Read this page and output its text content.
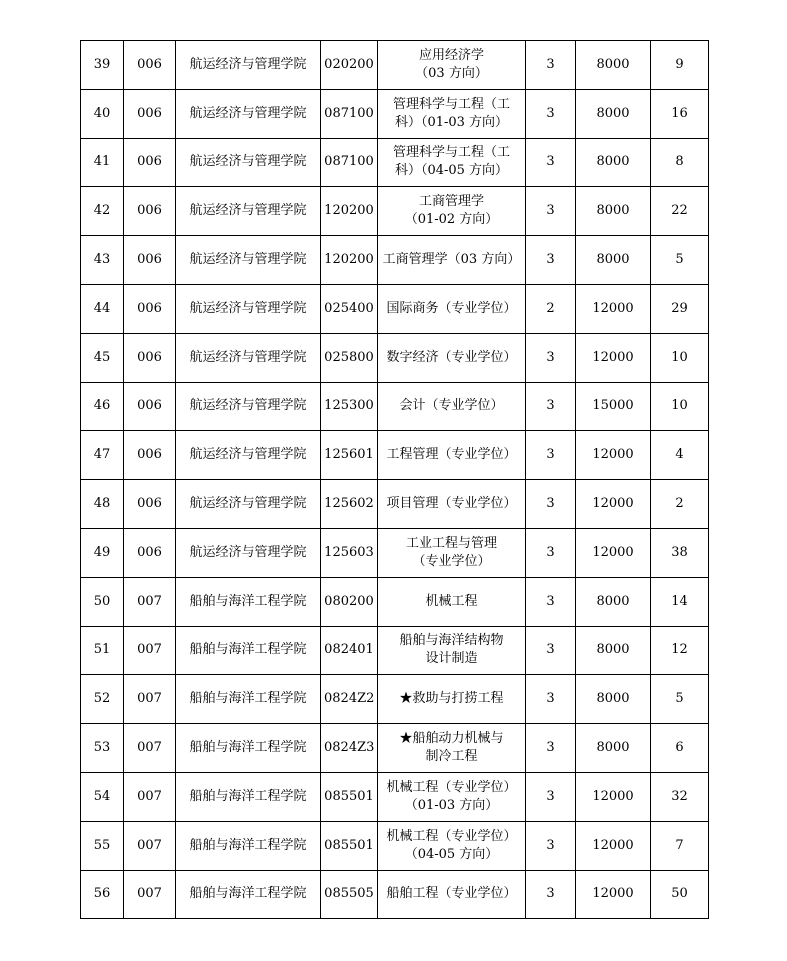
39	006	航运经济与管理学院	020200	应用经济学
（03 方向）	3	8000	9
40	006	航运经济与管理学院	087100	管理科学与工程（工
科）（01-03 方向）	3	8000	16
41	006	航运经济与管理学院	087100	管理科学与工程（工
科）（04-05 方向）	3	8000	8
42	006	航运经济与管理学院	120200	工商管理学
（01-02 方向）	3	8000	22
43	006	航运经济与管理学院	120200	工商管理学（03 方向）	3	8000	5
44	006	航运经济与管理学院	025400	国际商务（专业学位）	2	12000	29
45	006	航运经济与管理学院	025800	数字经济（专业学位）	3	12000	10
46	006	航运经济与管理学院	125300	会计（专业学位）	3	15000	10
47	006	航运经济与管理学院	125601	工程管理（专业学位）	3	12000	4
48	006	航运经济与管理学院	125602	项目管理（专业学位）	3	12000	2
49	006	航运经济与管理学院	125603	工业工程与管理
（专业学位）	3	12000	38
50	007	船舶与海洋工程学院	080200	机械工程	3	8000	14
51	007	船舶与海洋工程学院	082401	船舶与海洋结构物
设计制造	3	8000	12
52	007	船舶与海洋工程学院	0824Z2	★救助与打捞工程	3	8000	5
53	007	船舶与海洋工程学院	0824Z3	★船舶动力机械与
制冷工程	3	8000	6
54	007	船舶与海洋工程学院	085501	机械工程（专业学位）
（01-03 方向）	3	12000	32
55	007	船舶与海洋工程学院	085501	机械工程（专业学位）
（04-05 方向）	3	12000	7
56	007	船舶与海洋工程学院	085505	船舶工程（专业学位）	3	12000	50
